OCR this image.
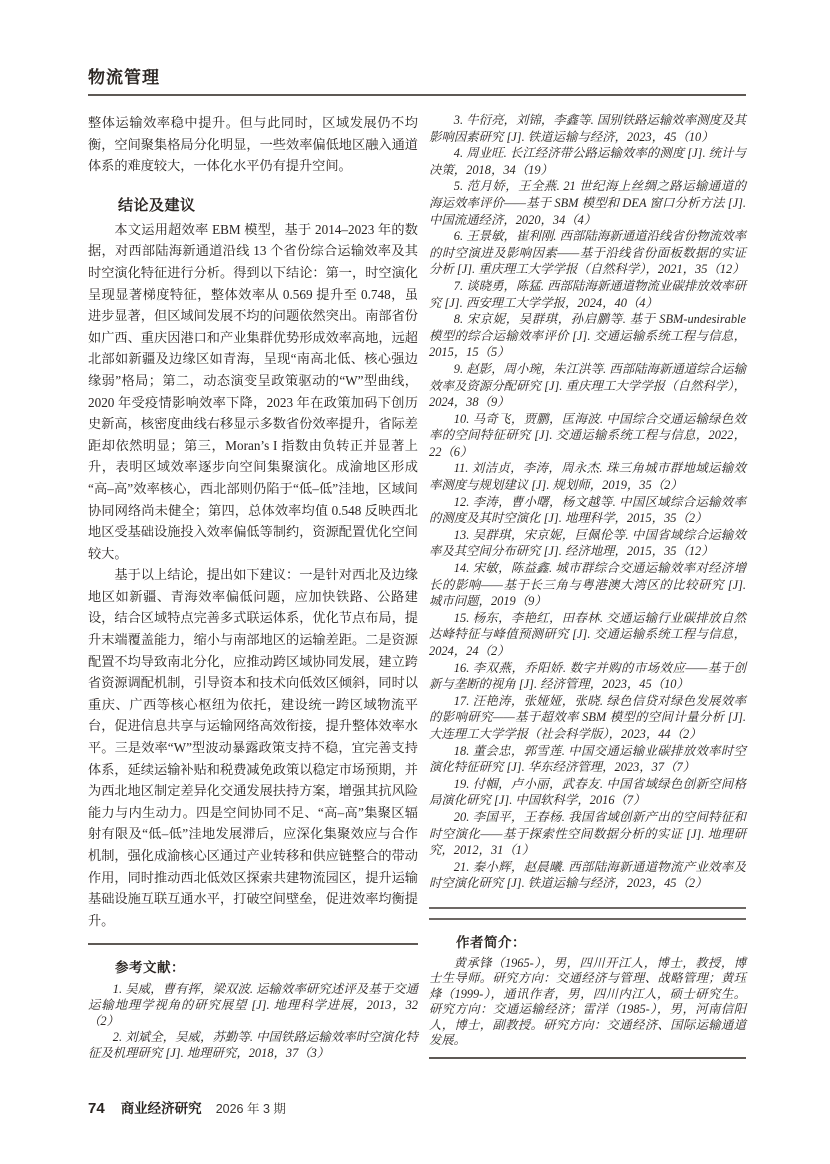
物流管理

整体运输效率稳中提升。但与此同时，区域发展仍不均衡，空间聚集格局分化明显，一些效率偏低地区融入通道体系的难度较大，一体化水平仍有提升空间。

结论及建议

本文运用超效率 EBM 模型，基于 2014–2023 年的数据，对西部陆海新通道沿线 13 个省份综合运输效率及其时空演化特征进行分析。得到以下结论：第一，时空演化呈现显著梯度特征，整体效率从 0.569 提升至 0.748，虽进步显著，但区域间发展不均的问题依然突出。南部省份如广西、重庆因港口和产业集群优势形成效率高地，远超北部如新疆及边缘区如青海，呈现“南高北低、核心强边缘弱”格局；第二，动态演变呈政策驱动的“W”型曲线，2020 年受疫情影响效率下降，2023 年在政策加码下创历史新高，核密度曲线右移显示多数省份效率提升，省际差距却依然明显；第三，Moran’s I 指数由负转正并显著上升，表明区域效率逐步向空间集聚演化。成渝地区形成“高–高”效率核心，西北部则仍陷于“低–低”洼地，区域间协同网络尚未健全；第四，总体效率均值 0.548 反映西北地区受基础设施投入效率偏低等制约，资源配置优化空间较大。

基于以上结论，提出如下建议：一是针对西北及边缘地区如新疆、青海效率偏低问题，应加快铁路、公路建设，结合区域特点完善多式联运体系，优化节点布局，提升末端覆盖能力，缩小与南部地区的运输差距。二是资源配置不均导致南北分化，应推动跨区域协同发展，建立跨省资源调配机制，引导资本和技术向低效区倾斜，同时以重庆、广西等核心枢纽为依托，建设统一跨区域物流平台，促进信息共享与运输网络高效衔接，提升整体效率水平。三是效率“W”型波动暴露政策支持不稳，宜完善支持体系，延续运输补贴和税费减免政策以稳定市场预期，并为西北地区制定差异化交通发展扶持方案，增强其抗风险能力与内生动力。四是空间协同不足、“高–高”集聚区辐射有限及“低–低”洼地发展滞后，应深化集聚效应与合作机制，强化成渝核心区通过产业转移和供应链整合的带动作用，同时推动西北低效区探索共建物流园区，提升运输基础设施互联互通水平，打破空间壁垒，促进效率均衡提升。

参考文献：

1. 吴威，曹有挥，梁双波. 运输效率研究述评及基于交通运输地理学视角的研究展望 [J]. 地理科学进展，2013，32（2）

2. 刘斌全，吴威，苏勤等. 中国铁路运输效率时空演化特征及机理研究 [J]. 地理研究，2018，37（3）

3. 牛衍亮，刘锦，李鑫等. 国别铁路运输效率测度及其影响因素研究 [J]. 铁道运输与经济，2023，45（10）

4. 周业旺. 长江经济带公路运输效率的测度 [J]. 统计与决策，2018，34（19）

5. 范月娇，王全燕. 21 世纪海上丝绸之路运输通道的海运效率评价——基于 SBM 模型和 DEA 窗口分析方法 [J]. 中国流通经济，2020，34（4）

6. 王景敏，崔利刚. 西部陆海新通道沿线省份物流效率的时空演进及影响因素——基于沿线省份面板数据的实证分析 [J]. 重庆理工大学学报（自然科学），2021，35（12）

7. 谈晓勇，陈猛. 西部陆海新通道物流业碳排放效率研究 [J]. 西安理工大学学报，2024，40（4）

8. 宋京妮，吴群琪，孙启鹏等. 基于 SBM-undesirable 模型的综合运输效率评价 [J]. 交通运输系统工程与信息，2015，15（5）

9. 赵影，周小琬，朱江洪等. 西部陆海新通道综合运输效率及资源分配研究 [J]. 重庆理工大学学报（自然科学），2024，38（9）

10. 马奇飞，贾鹏，匡海波. 中国综合交通运输绿色效率的空间特征研究 [J]. 交通运输系统工程与信息，2022，22（6）

11. 刘洁贞，李涛，周永杰. 珠三角城市群地域运输效率测度与规划建议 [J]. 规划师，2019，35（2）

12. 李涛，曹小曙，杨文越等. 中国区域综合运输效率的测度及其时空演化 [J]. 地理科学，2015，35（2）

13. 吴群琪，宋京妮，巨佩伦等. 中国省域综合运输效率及其空间分布研究 [J]. 经济地理，2015，35（12）

14. 宋敏，陈益鑫. 城市群综合交通运输效率对经济增长的影响——基于长三角与粤港澳大湾区的比较研究 [J]. 城市问题，2019（9）

15. 杨东，李艳红，田春林. 交通运输行业碳排放自然达峰特征与峰值预测研究 [J]. 交通运输系统工程与信息，2024，24（2）

16. 李双燕，乔阳娇. 数字并购的市场效应——基于创新与垄断的视角 [J]. 经济管理，2023，45（10）

17. 汪艳涛，张娅娅，张晓. 绿色信贷对绿色发展效率的影响研究——基于超效率 SBM 模型的空间计量分析 [J]. 大连理工大学学报（社会科学版），2023，44（2）

18. 董会忠，郭雪莲. 中国交通运输业碳排放效率时空演化特征研究 [J]. 华东经济管理，2023，37（7）

19. 付帼，卢小丽，武春友. 中国省域绿色创新空间格局演化研究 [J]. 中国软科学，2016（7）

20. 李国平，王春杨. 我国省域创新产出的空间特征和时空演化——基于探索性空间数据分析的实证 [J]. 地理研究，2012，31（1）

21. 秦小辉，赵晨曦. 西部陆海新通道物流产业效率及时空演化研究 [J]. 铁道运输与经济，2023，45（2）

作者简介：

黄承锋（1965-），男，四川开江人，博士，教授，博士生导师。研究方向：交通经济与管理、战略管理；黄珏烽（1999-），通讯作者，男，四川内江人，硕士研究生。研究方向：交通运输经济；雷洋（1985-），男，河南信阳人，博士，副教授。研究方向：交通经济、国际运输通道发展。

74 商业经济研究 2026 年 3 期
